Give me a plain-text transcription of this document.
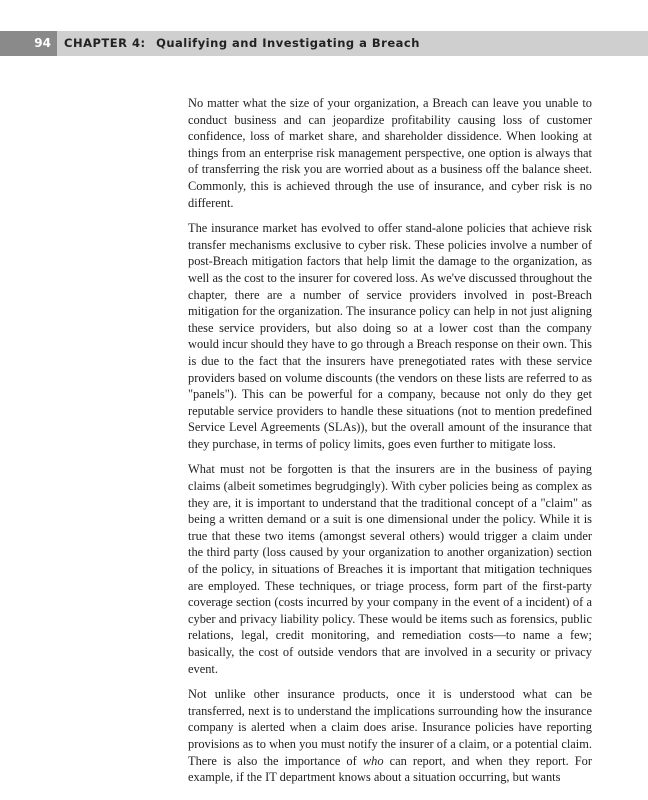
94	CHAPTER 4: Qualifying and Investigating a Breach

No matter what the size of your organization, a Breach can leave you unable to conduct business and can jeopardize profitability causing loss of customer confidence, loss of market share, and shareholder dissidence. When looking at things from an enterprise risk management perspective, one option is always that of transferring the risk you are worried about as a business off the balance sheet. Commonly, this is achieved through the use of insurance, and cyber risk is no different.

The insurance market has evolved to offer stand-alone policies that achieve risk transfer mechanisms exclusive to cyber risk. These policies involve a number of post-Breach mitigation factors that help limit the damage to the organization, as well as the cost to the insurer for covered loss. As we've discussed throughout the chapter, there are a number of service providers involved in post-Breach mitigation for the organization. The insurance policy can help in not just aligning these service providers, but also doing so at a lower cost than the company would incur should they have to go through a Breach response on their own. This is due to the fact that the insurers have prenegotiated rates with these service providers based on volume discounts (the vendors on these lists are referred to as "panels"). This can be powerful for a company, because not only do they get reputable service providers to handle these situations (not to mention predefined Service Level Agreements (SLAs)), but the overall amount of the insurance that they purchase, in terms of policy limits, goes even further to mitigate loss.

What must not be forgotten is that the insurers are in the business of paying claims (albeit sometimes begrudgingly). With cyber policies being as complex as they are, it is important to understand that the traditional concept of a "claim" as being a written demand or a suit is one dimensional under the policy. While it is true that these two items (amongst several others) would trigger a claim under the third party (loss caused by your organization to another organization) section of the policy, in situations of Breaches it is important that mitigation techniques are employed. These techniques, or triage process, form part of the first-party coverage section (costs incurred by your company in the event of a incident) of a cyber and privacy liability policy. These would be items such as forensics, public relations, legal, credit monitoring, and remediation costs—to name a few; basically, the cost of outside vendors that are involved in a security or privacy event.

Not unlike other insurance products, once it is understood what can be transferred, next is to understand the implications surrounding how the insurance company is alerted when a claim does arise. Insurance policies have reporting provisions as to when you must notify the insurer of a claim, or a potential claim. There is also the importance of who can report, and when they report. For example, if the IT department knows about a situation occurring, but wants
